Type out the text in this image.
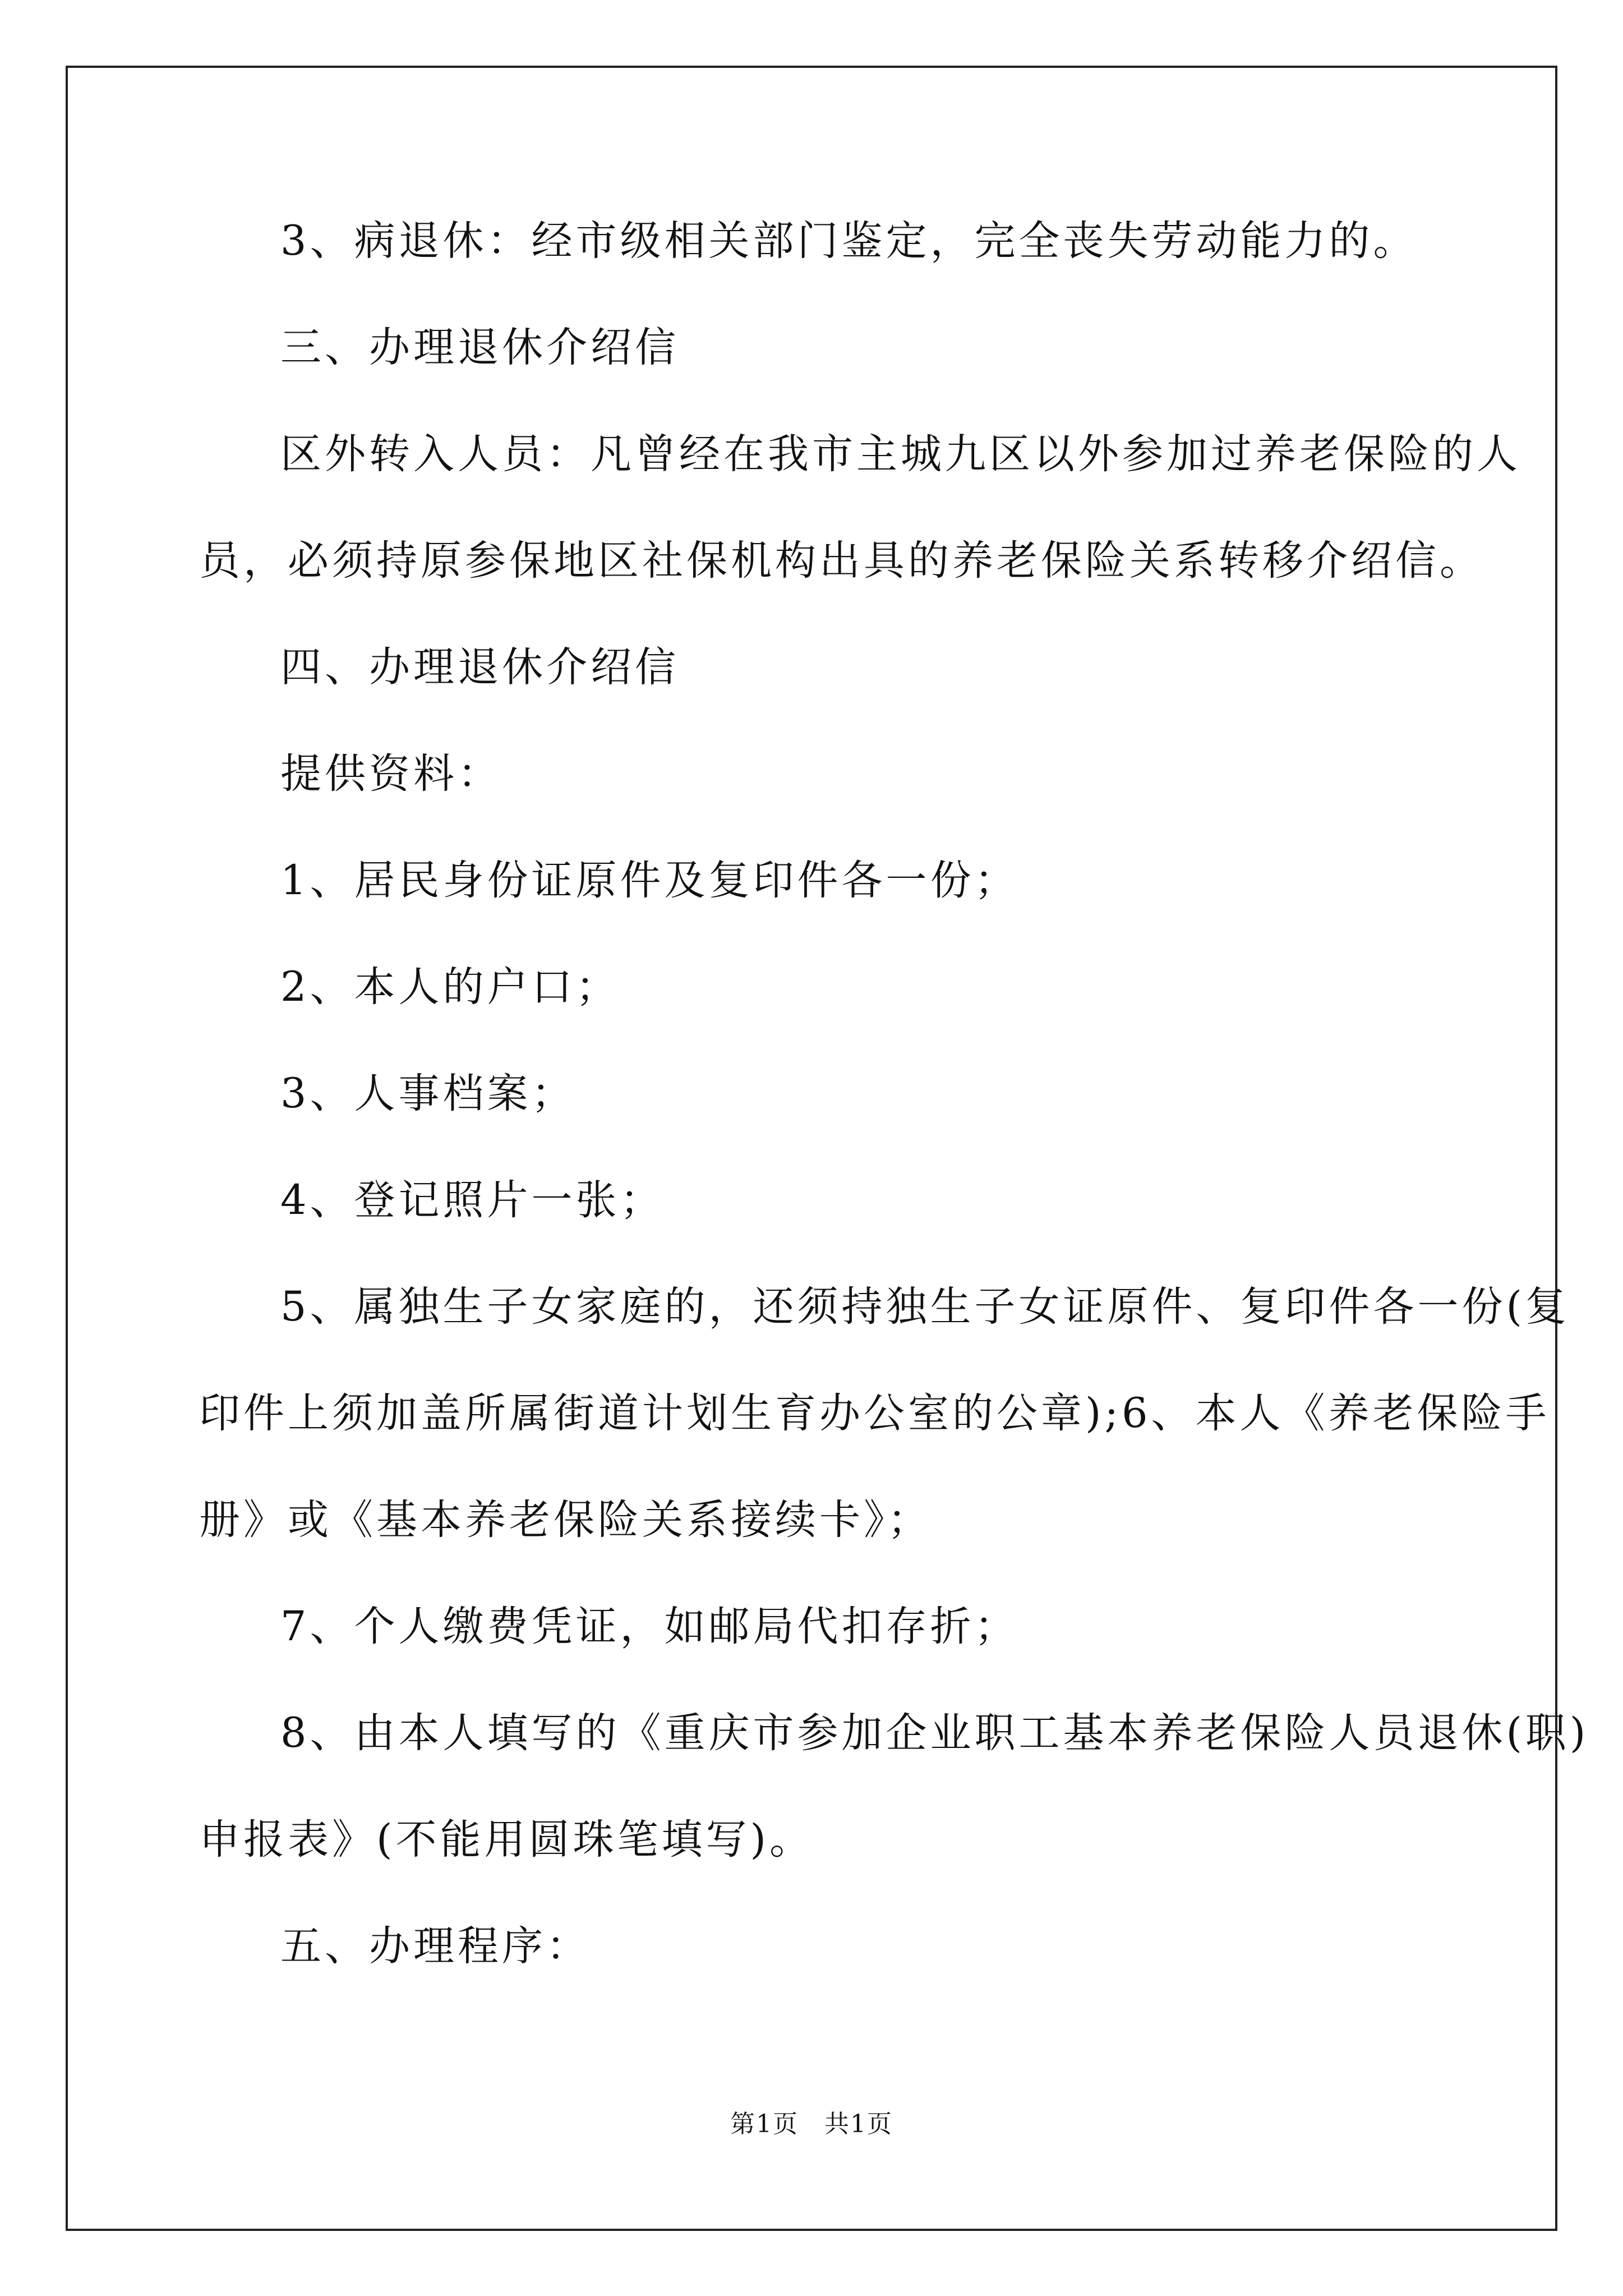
3、病退休：经市级相关部门鉴定，完全丧失劳动能力的。

三、办理退休介绍信

区外转入人员：凡曾经在我市主城九区以外参加过养老保险的人

员，必须持原参保地区社保机构出具的养老保险关系转移介绍信。

四、办理退休介绍信

提供资料：

1、居民身份证原件及复印件各一份；

2、本人的户口；

3、人事档案；

4、登记照片一张；

5、属独生子女家庭的，还须持独生子女证原件、复印件各一份(复

印件上须加盖所属街道计划生育办公室的公章);6、本人《养老保险手

册》或《基本养老保险关系接续卡》；

7、个人缴费凭证，如邮局代扣存折；

8、由本人填写的《重庆市参加企业职工基本养老保险人员退休(职)

申报表》(不能用圆珠笔填写)。

五、办理程序：

第1页　共1页
